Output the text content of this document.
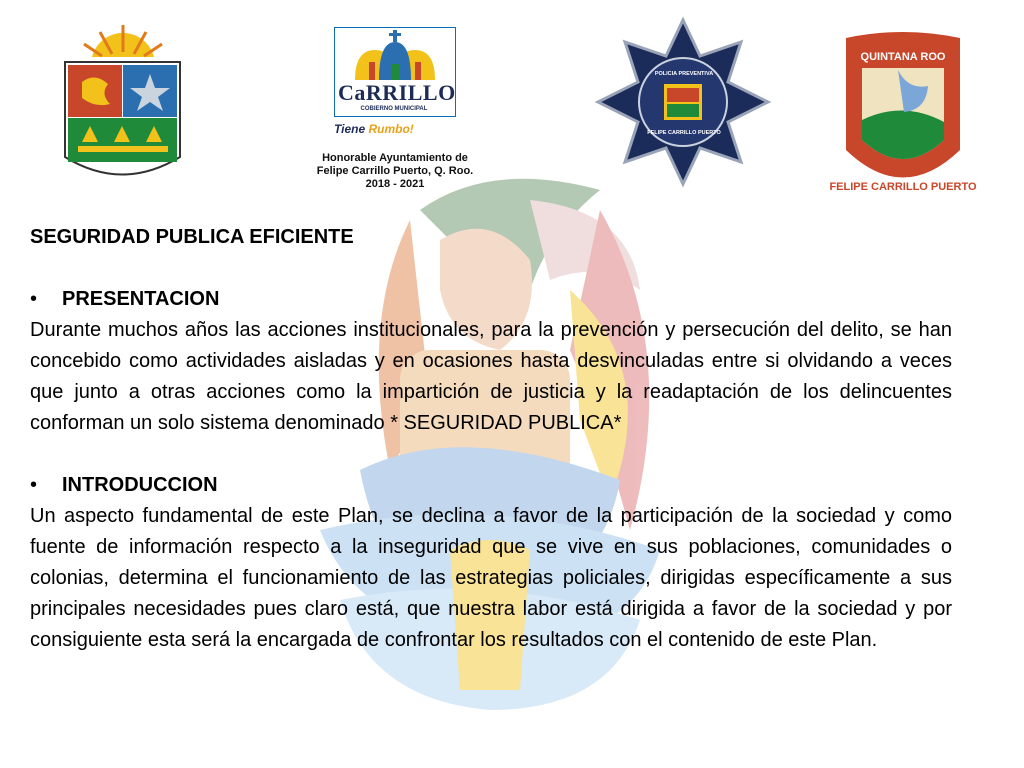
CaRRILLO
COBIERNO MUNICIPAL
Tiene Rumbo!
Honorable Ayuntamiento de
Felipe Carrillo Puerto, Q. Roo.
2018 - 2021
POLICIA PREVENTIVA
FELIPE CARRILLO PUERTO
QUINTANA ROO
FELIPE CARRILLO PUERTO

SEGURIDAD PUBLICA EFICIENTE

• PRESENTACION

Durante muchos años las acciones institucionales, para la prevención y persecución del delito, se han concebido como actividades aisladas y en ocasiones hasta desvinculadas entre si olvidando a veces que junto a otras acciones como la impartición de justicia y la readaptación de los delincuentes conforman un solo sistema denominado * SEGURIDAD PUBLICA*

• INTRODUCCION

Un aspecto fundamental de este Plan, se declina a favor de la participación de la sociedad y como fuente de información respecto a la inseguridad que se vive en sus poblaciones, comunidades o colonias, determina el funcionamiento de las estrategias policiales, dirigidas específicamente a sus principales necesidades pues claro está, que nuestra labor está dirigida a favor de la sociedad y por consiguiente esta será la encargada de confrontar los resultados con el contenido de este Plan.
